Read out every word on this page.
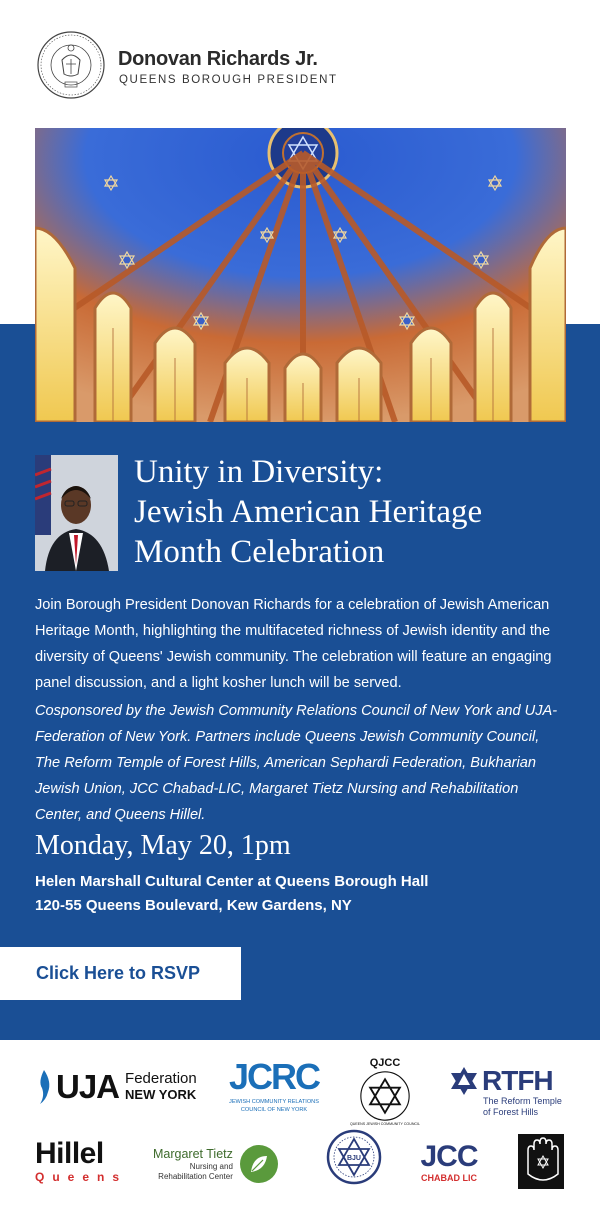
Donovan Richards Jr.
QUEENS BOROUGH PRESIDENT
Unity in Diversity:
Jewish American Heritage
Month Celebration
Join Borough President Donovan Richards for a celebration of Jewish American Heritage Month, highlighting the multifaceted richness of Jewish identity and the diversity of Queens' Jewish community. The celebration will feature an engaging panel discussion, and a light kosher lunch will be served.
Cosponsored by the Jewish Community Relations Council of New York and UJA-Federation of New York. Partners include Queens Jewish Community Council, The Reform Temple of Forest Hills, American Sephardi Federation, Bukharian Jewish Union, JCC Chabad-LIC, Margaret Tietz Nursing and Rehabilitation Center, and Queens Hillel.
Monday, May 20, 1pm
Helen Marshall Cultural Center at Queens Borough Hall
120-55 Queens Boulevard, Kew Gardens, NY
Click Here to RSVP
UJA Federation
NEW YORK JCRC
JEWISH COMMUNITY RELATIONS
COUNCIL OF NEW YORK
QJCC
QUEENS JEWISH COMMUNITY COUNCIL
RTFH
The Reform Temple
of Forest Hills
Hillel
Queens
Margaret Tietz
Nursing and
Rehabilitation Center
BJU JCC
CHABAD LIC
